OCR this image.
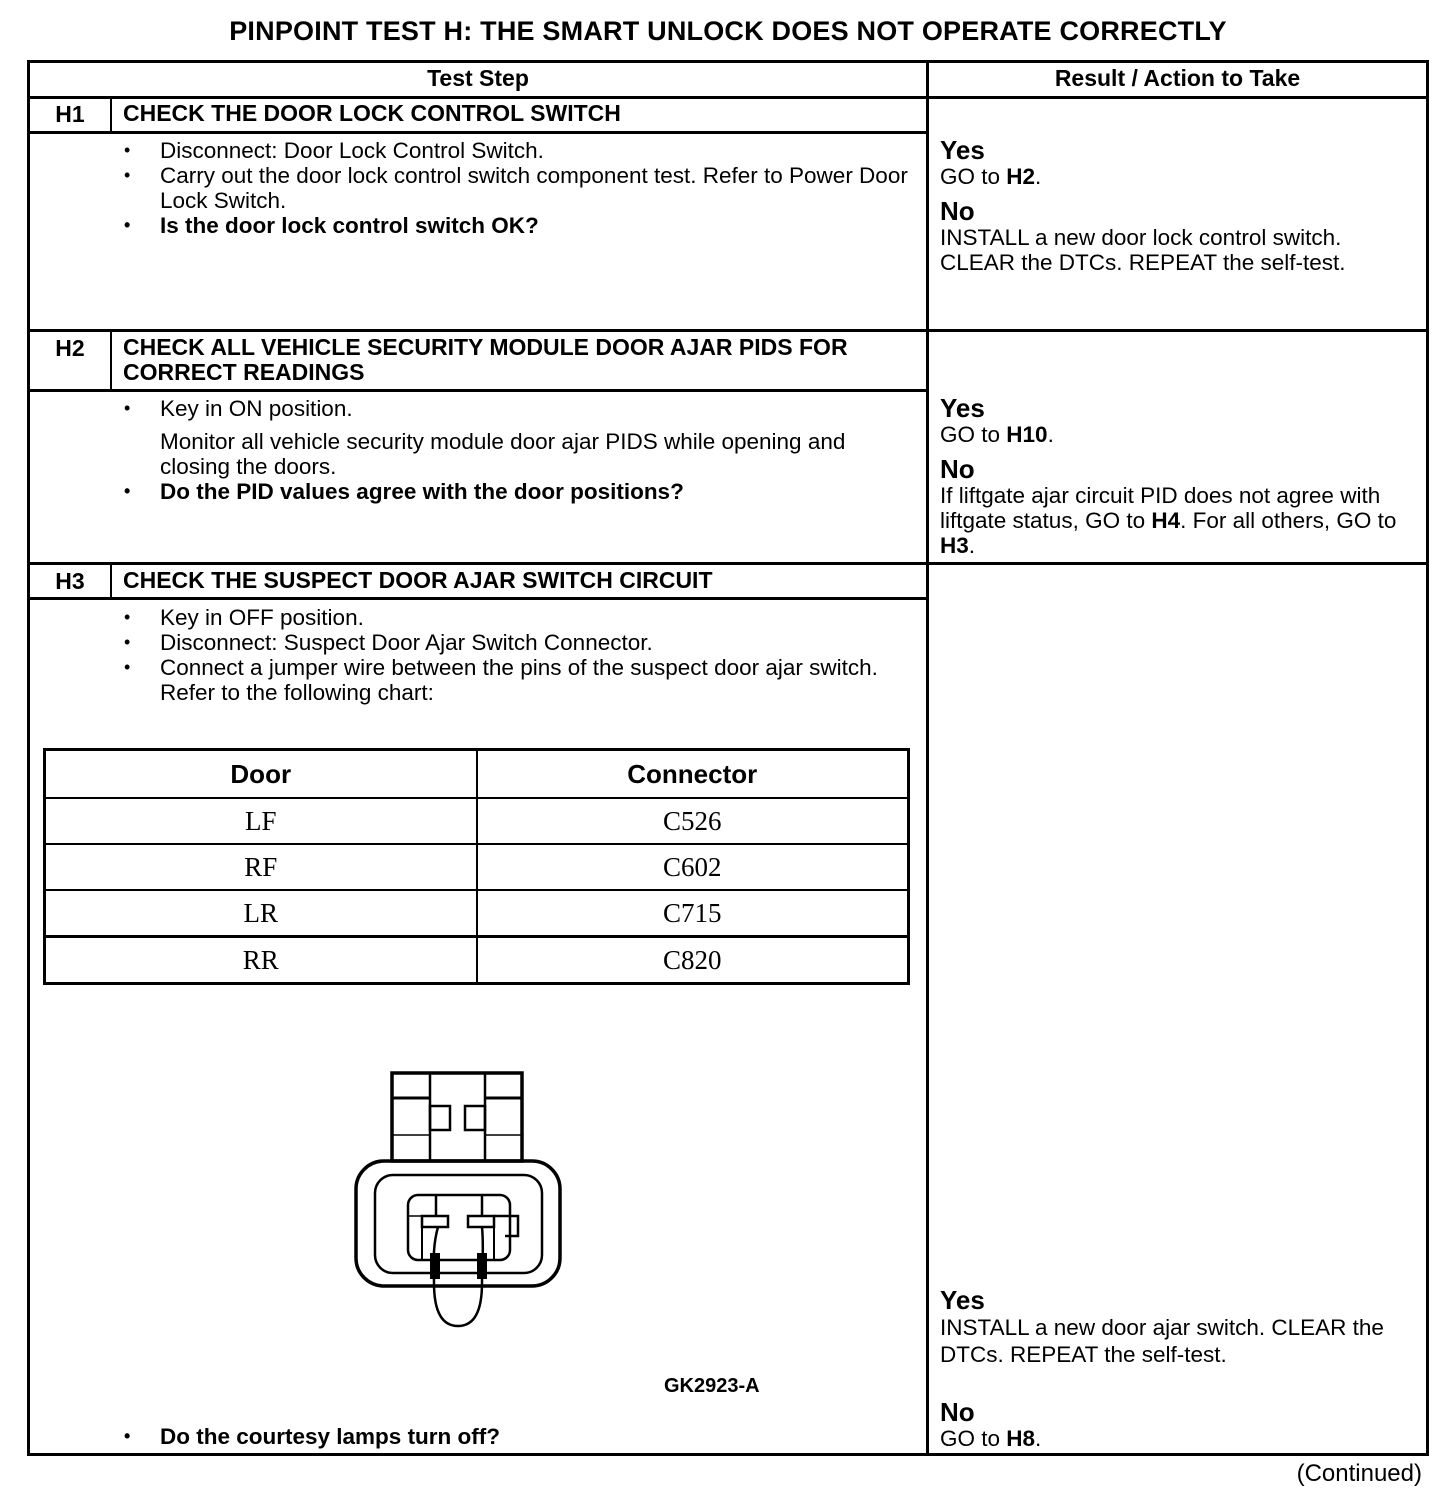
PINPOINT TEST H: THE SMART UNLOCK DOES NOT OPERATE CORRECTLY
Test Step	Result / Action to Take
H1	CHECK THE DOOR LOCK CONTROL SWITCH
• Disconnect: Door Lock Control Switch.
• Carry out the door lock control switch component test. Refer to Power Door Lock Switch.
• Is the door lock control switch OK?
Yes
GO to H2.
No
INSTALL a new door lock control switch. CLEAR the DTCs. REPEAT the self-test.
H2	CHECK ALL VEHICLE SECURITY MODULE DOOR AJAR PIDS FOR CORRECT READINGS
• Key in ON position.
Monitor all vehicle security module door ajar PIDS while opening and closing the doors.
• Do the PID values agree with the door positions?
Yes
GO to H10.
No
If liftgate ajar circuit PID does not agree with liftgate status, GO to H4. For all others, GO to H3.
H3	CHECK THE SUSPECT DOOR AJAR SWITCH CIRCUIT
• Key in OFF position.
• Disconnect: Suspect Door Ajar Switch Connector.
• Connect a jumper wire between the pins of the suspect door ajar switch. Refer to the following chart:
Door	Connector
LF	C526
RF	C602
LR	C715
RR	C820
GK2923-A
• Do the courtesy lamps turn off?
Yes
INSTALL a new door ajar switch. CLEAR the DTCs. REPEAT the self-test.
No
GO to H8.
(Continued)
